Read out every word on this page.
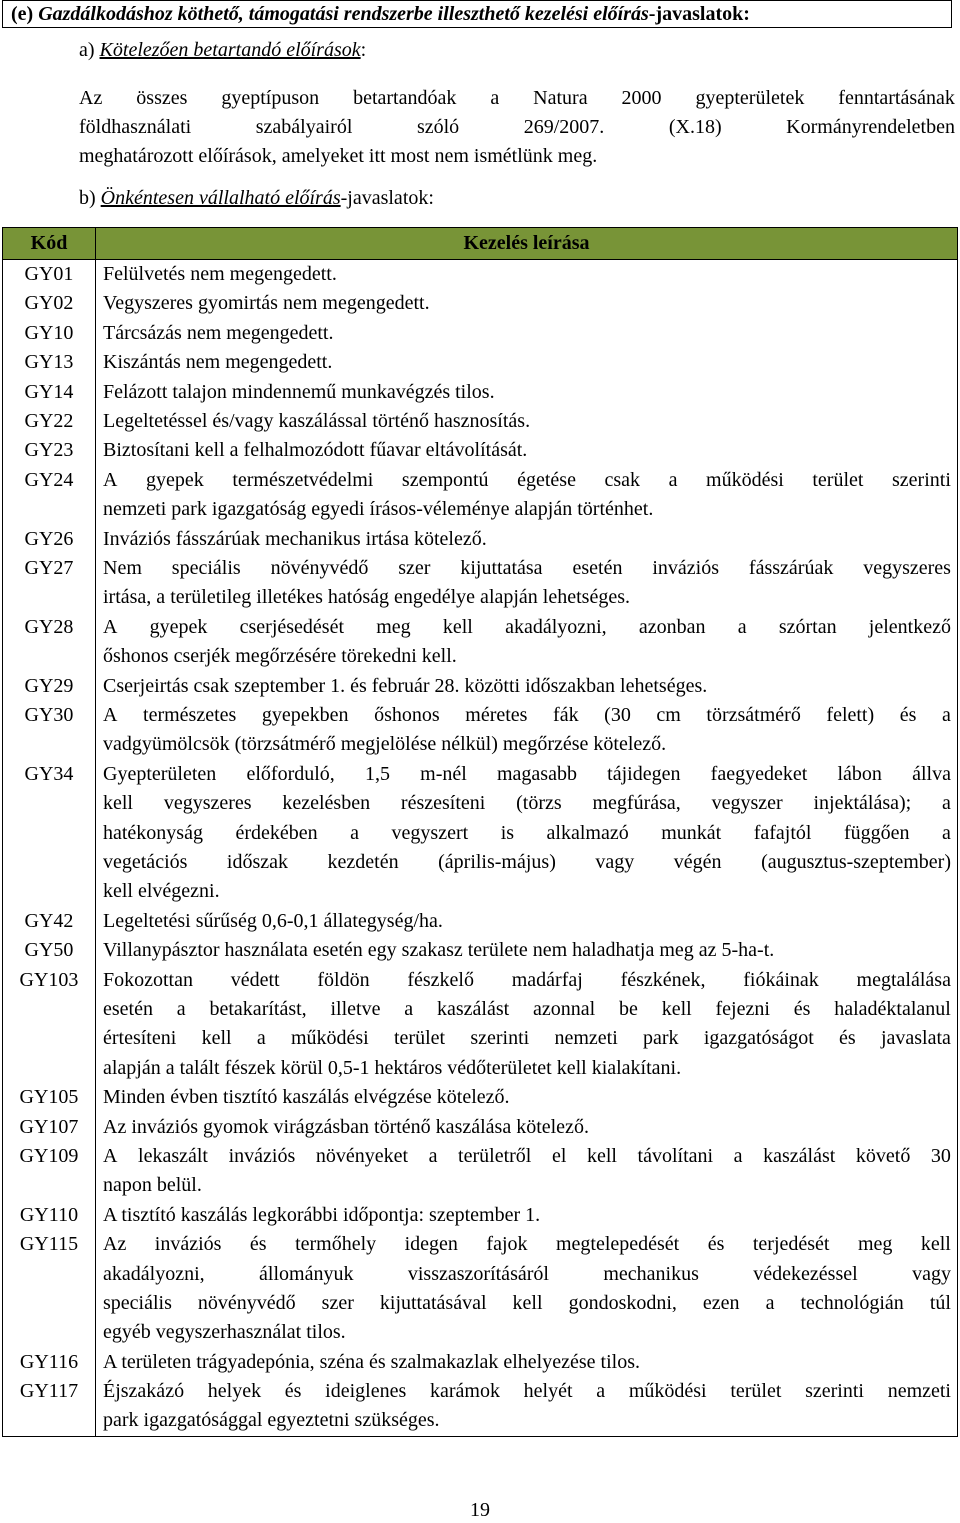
(e) Gazdálkodáshoz köthető, támogatási rendszerbe illeszthető kezelési előírás-javaslatok:
a) Kötelezően betartandó előírások:
Az összes gyeptípuson betartandóak a Natura 2000 gyepterületek fenntartásának
földhasználati	szabályairól	szóló	269/2007.	(X.18)	Kormányrendeletben
meghatározott előírások, amelyeket itt most nem ismétlünk meg.
b) Önkéntesen vállalható előírás-javaslatok:
Kód	Kezelés leírása
GY01	Felülvetés nem megengedett.
GY02	Vegyszeres gyomirtás nem megengedett.
GY10	Tárcsázás nem megengedett.
GY13	Kiszántás nem megengedett.
GY14	Felázott talajon mindennemű munkavégzés tilos.
GY22	Legeltetéssel és/vagy kaszálással történő hasznosítás.
GY23	Biztosítani kell a felhalmozódott fűavar eltávolítását.
GY24	A gyepek természetvédelmi szempontú égetése csak a működési terület szerinti
nemzeti park igazgatóság egyedi írásos-véleménye alapján történhet.
GY26	Inváziós fásszárúak mechanikus irtása kötelező.
GY27	Nem speciális növényvédő szer kijuttatása esetén inváziós fásszárúak vegyszeres
irtása, a területileg illetékes hatóság engedélye alapján lehetséges.
GY28	A gyepek cserjésedését meg kell akadályozni, azonban a szórtan jelentkező
őshonos cserjék megőrzésére törekedni kell.
GY29	Cserjeirtás csak szeptember 1. és február 28. közötti időszakban lehetséges.
GY30	A természetes gyepekben őshonos méretes fák (30 cm törzsátmérő felett) és a
vadgyümölcsök (törzsátmérő megjelölése nélkül) megőrzése kötelező.
GY34	Gyepterületen előforduló, 1,5 m-nél magasabb tájidegen faegyedeket lábon állva
kell vegyszeres kezelésben részesíteni (törzs megfúrása, vegyszer injektálása); a
hatékonyság érdekében a vegyszert is alkalmazó munkát fafajtól függően a
vegetációs időszak kezdetén (április-május) vagy végén (augusztus-szeptember)
kell elvégezni.
GY42	Legeltetési sűrűség 0,6-0,1 állategység/ha.
GY50	Villanypásztor használata esetén egy szakasz területe nem haladhatja meg az 5-ha-t.
GY103	Fokozottan védett földön fészkelő madárfaj fészkének, fiókáinak megtalálása
esetén a betakarítást, illetve a kaszálást azonnal be kell fejezni és haladéktalanul
értesíteni kell a működési terület szerinti nemzeti park igazgatóságot és javaslata
alapján a talált fészek körül 0,5-1 hektáros védőterületet kell kialakítani.
GY105	Minden évben tisztító kaszálás elvégzése kötelező.
GY107	Az inváziós gyomok virágzásban történő kaszálása kötelező.
GY109	A lekaszált inváziós növényeket a területről el kell távolítani a kaszálást követő 30
napon belül.
GY110	A tisztító kaszálás legkorábbi időpontja: szeptember 1.
GY115	Az inváziós és termőhely idegen fajok megtelepedését és terjedését meg kell
akadályozni,	állományuk	visszaszorításáról	mechanikus	védekezéssel	vagy
speciális növényvédő szer kijuttatásával kell gondoskodni, ezen a technológián túl
egyéb vegyszerhasználat tilos.
GY116	A területen trágyadepónia, széna és szalmakazlak elhelyezése tilos.
GY117	Éjszakázó helyek és ideiglenes karámok helyét a működési terület szerinti nemzeti
park igazgatósággal egyeztetni szükséges.
19
